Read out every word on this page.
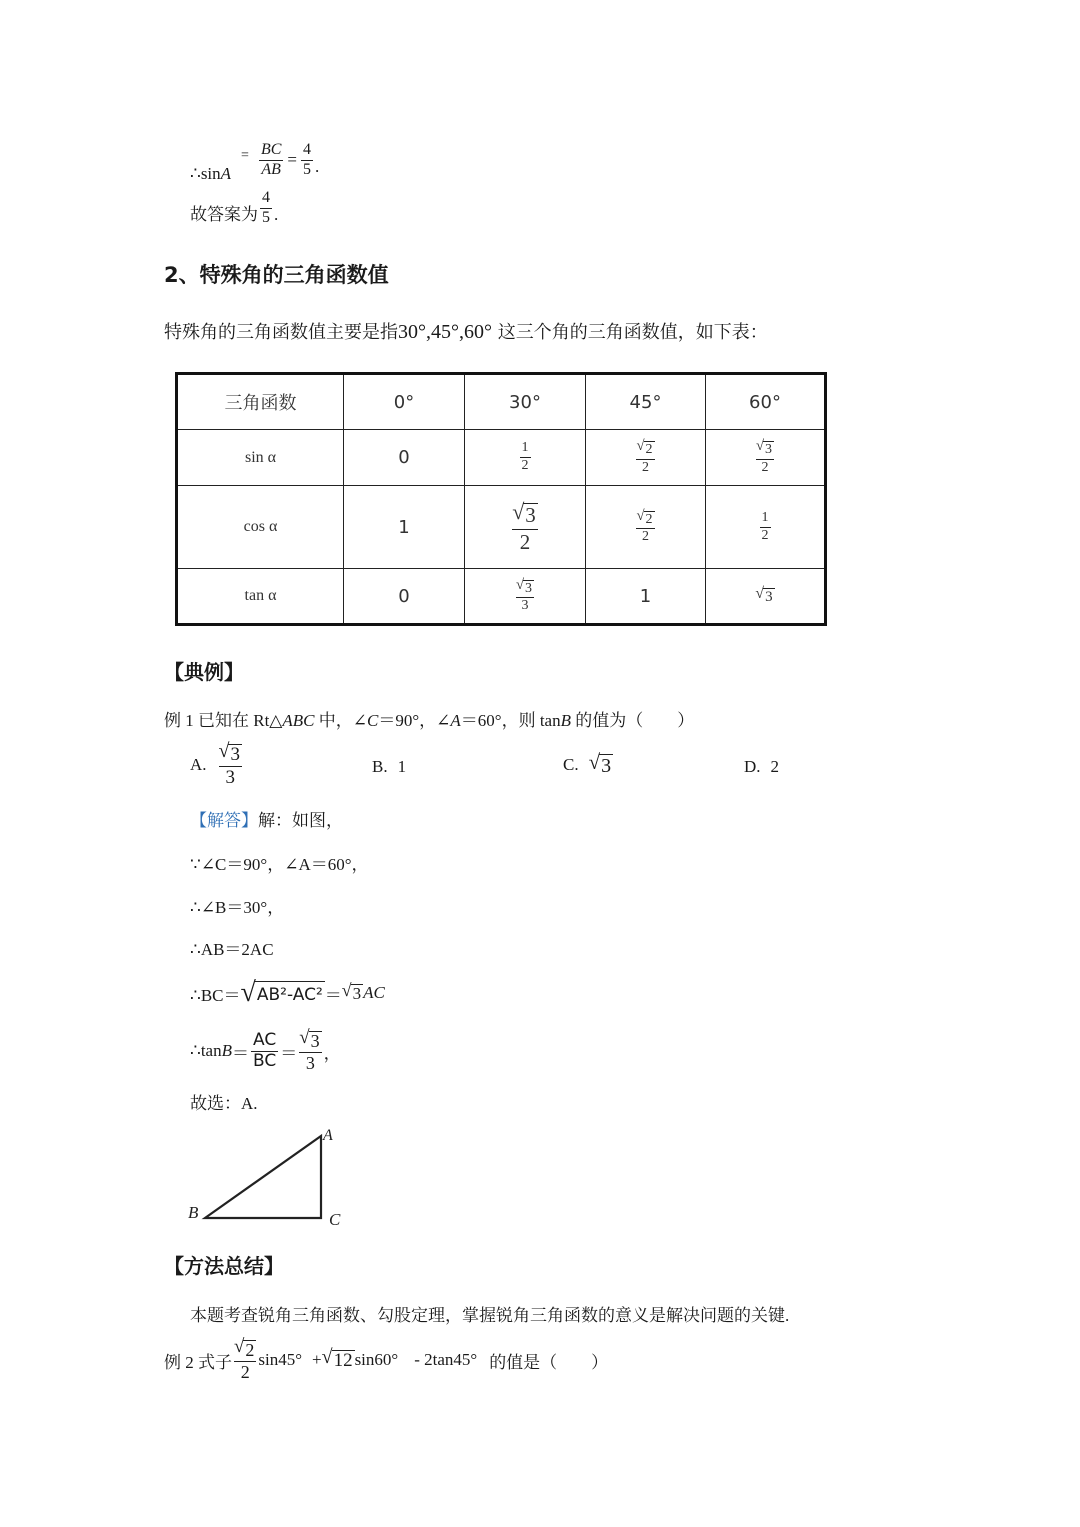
∴sin A
= $\frac{BC}{AB} = \frac{4}{5}$ .
故答案为 $\frac{4}{5}$ .
2、特殊角的三角函数值
特殊角的三角函数值主要是指30°,45°,60° 这三个角的三角函数值，如下表：
三角函数	0°	30°	45°	60°
sin α	0	$\frac{1}{2}$	$\frac{√ 2}{2}$	$\frac{√ 3}{2}$

cos α	1	$\frac{√ 3}{2}$	$\frac{√ 2}{2}$	$\frac{1}{2}$

tan α	0	$\frac{√ 3}{3}$	1	√ 3
【典例】
例 1 已知在 Rt△ABC 中，∠C＝90°，∠A＝60°，则 tanB 的值为（　　）
A. $\frac{√ 3}{3}$	B. 1	C. √ 3	D. 2
【解答】解：如图，
∵∠C＝90°，∠A＝60°，
∴∠B＝30°，
∴AB＝2AC
∴BC＝ √ AB²-AC² ＝ √ 3 AC
∴tan $B = \frac{AC}{BC} = \frac{√ 3}{3}$ ，
故选：A.
A
B	C
【方法总结】
本题考查锐角三角函数、勾股定理，掌握锐角三角函数的意义是解决问题的关键.
例 2 式子 $\frac{√ 2}{2} \sin 45^\circ$ + √ 12 sin60° - 2tan45° 的值是（　　）
